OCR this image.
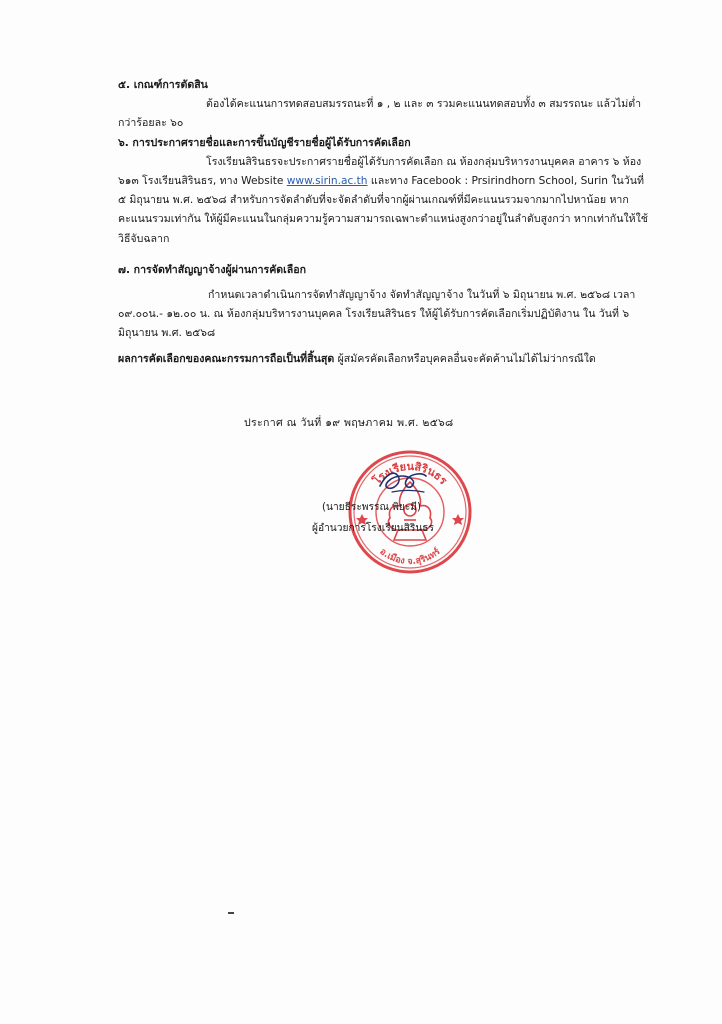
๕. เกณฑ์การตัดสิน

ต้องได้คะแนนการทดสอบสมรรถนะที่ ๑ , ๒ และ ๓ รวมคะแนนทดสอบทั้ง ๓ สมรรถนะ แล้วไม่ต่ำกว่าร้อยละ ๖๐

๖. การประกาศรายชื่อและการขึ้นบัญชีรายชื่อผู้ได้รับการคัดเลือก

โรงเรียนสิรินธรจะประกาศรายชื่อผู้ได้รับการคัดเลือก ณ ห้องกลุ่มบริหารงานบุคคล อาคาร ๖ ห้อง ๖๑๓ โรงเรียนสิรินธร, ทาง Website www.sirin.ac.th และทาง Facebook : Prsirindhorn School, Surin ในวันที่ ๕ มิถุนายน พ.ศ. ๒๕๖๘ สำหรับการจัดลำดับที่จะจัดลำดับที่จากผู้ผ่านเกณฑ์ที่มีคะแนนรวมจากมากไปหาน้อย หากคะแนนรวมเท่ากัน ให้ผู้มีคะแนนในกลุ่มความรู้ความสามารถเฉพาะตำแหน่งสูงกว่าอยู่ในลำดับสูงกว่า หากเท่ากันให้ใช้วิธีจับฉลาก

๗. การจัดทำสัญญาจ้างผู้ผ่านการคัดเลือก

กำหนดเวลาดำเนินการจัดทำสัญญาจ้าง จัดทำสัญญาจ้าง ในวันที่ ๖ มิถุนายน พ.ศ. ๒๕๖๘ เวลา ๐๙.๐๐น.- ๑๒.๐๐ น. ณ ห้องกลุ่มบริหารงานบุคคล โรงเรียนสิรินธร ให้ผู้ได้รับการคัดเลือกเริ่มปฏิบัติงาน ใน วันที่ ๖ มิถุนายน พ.ศ. ๒๕๖๘

ผลการคัดเลือกของคณะกรรมการถือเป็นที่สิ้นสุด ผู้สมัครคัดเลือกหรือบุคคลอื่นจะคัดค้านไม่ได้ไม่ว่ากรณีใด

ประกาศ ณ วันที่ ๑๙ พฤษภาคม พ.ศ. ๒๕๖๘
โรงเรียนสิรินธร
อ.เมือง จ.สุรินทร์
(นายธีระพรรณ พิยะมี)
ผู้อำนวยการโรงเรียนสิรินธร
